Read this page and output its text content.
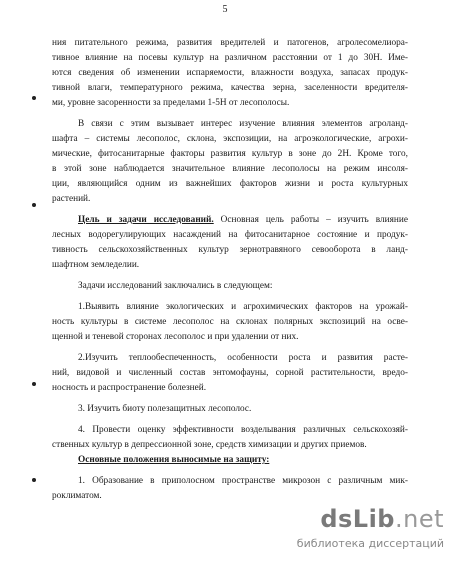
5
ния питательного режима, развития вредителей и патогенов, агролесомелиора-
тивное влияние на посевы культур на различном расстоянии от 1 до 30Н. Име-
ются сведения об изменении испаряемости, влажности воздуха, запасах продук-
тивной влаги, температурного режима, качества зерна, заселенности вредителя-
ми, уровне засоренности за пределами 1-5Н от лесополосы.
В связи с этим вызывает интерес изучение влияния элементов агроланд-
шафта – системы лесополос, склона, экспозиции, на агроэкологические, агрохи-
мические, фитосанитарные факторы развития культур в зоне до 2Н. Кроме того,
в этой зоне наблюдается значительное влияние лесополосы на режим инсоля-
ции, являющийся одним из важнейших факторов жизни и роста культурных
растений.
Цель и задачи исследований. Основная цель работы – изучить влияние
лесных водорегулирующих насаждений на фитосанитарное состояние и продук-
тивность сельскохозяйственных культур зернотравяного севооборота в ланд-
шафтном земледелии.
Задачи исследований заключались в следующем:
1.Выявить влияние экологических и агрохимических факторов на урожай-
ность культуры в системе лесополос на склонах полярных экспозиций на осве-
щенной и теневой сторонах лесополос и при удалении от них.
2.Изучить теплообеспеченность, особенности роста и развития расте-
ний, видовой и численный состав энтомофауны, сорной растительности, вредо-
носность и распространение болезней.
3. Изучить биоту полезащитных лесополос.
4. Провести оценку эффективности возделывания различных сельскохозяй-
ственных культур в депрессионной зоне, средств химизации и других приемов.
Основные положения выносимые на защиту:
1. Образование в приполосном пространстве микрозон с различным мик-
роклиматом.
dsLib.net
библиотека диссертаций
